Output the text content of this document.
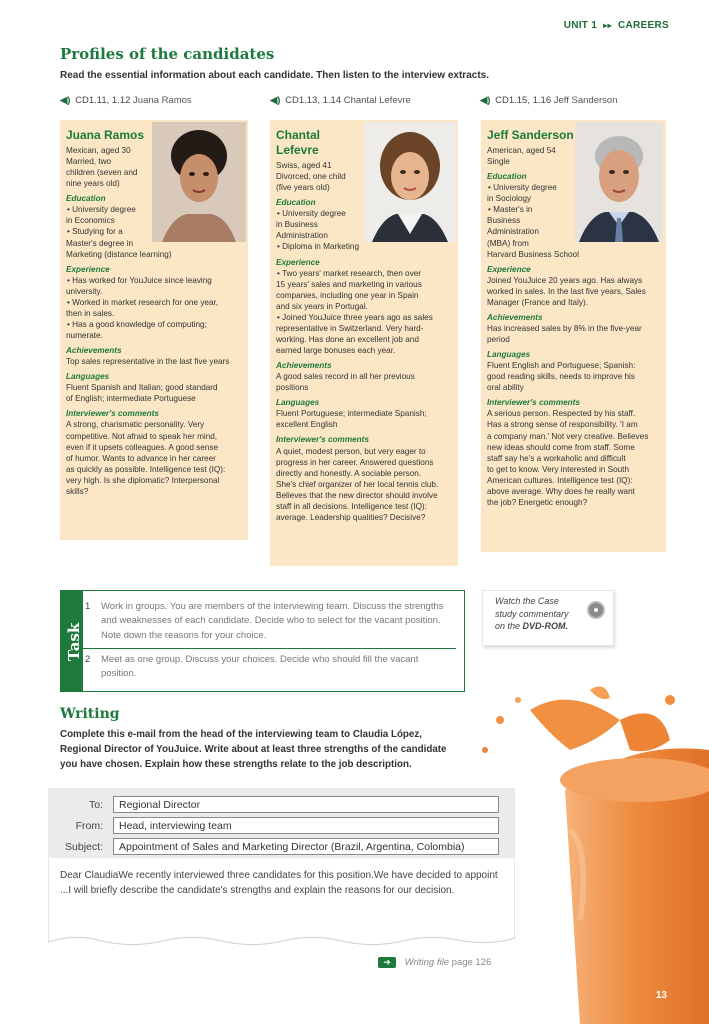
UNIT 1 ▸▸ CAREERS
Profiles of the candidates
Read the essential information about each candidate. Then listen to the interview extracts.
◀) CD1.11, 1.12 Juana Ramos	◀) CD1.13, 1.14 Chantal Lefevre	◀) CD1.15, 1.16 Jeff Sanderson
Juana Ramos
Mexican, aged 30
Married, two
children (seven and
nine years old)
Education
• University degree
in Economics
• Studying for a
Master's degree in
Marketing (distance learning)
Experience
• Has worked for YouJuice since leaving
university.
• Worked in market research for one year,
then in sales.
• Has a good knowledge of computing;
numerate.
Achievements
Top sales representative in the last five years
Languages
Fluent Spanish and Italian; good standard
of English; intermediate Portuguese
Interviewer's comments
A strong, charismatic personality. Very
competitive. Not afraid to speak her mind,
even if it upsets colleagues. A good sense
of humor. Wants to advance in her career
as quickly as possible. Intelligence test (IQ):
very high. Is she diplomatic? Interpersonal
skills?
Chantal
Lefevre
Swiss, aged 41
Divorced, one child
(five years old)
Education
• University degree
in Business
Administration
• Diploma in Marketing
Experience
• Two years' market research, then over
15 years' sales and marketing in various
companies, including one year in Spain
and six years in Portugal.
• Joined YouJuice three years ago as sales
representative in Switzerland. Very hard-
working. Has done an excellent job and
earned large bonuses each year.
Achievements
A good sales record in all her previous
positions
Languages
Fluent Portuguese; intermediate Spanish;
excellent English
Interviewer's comments
A quiet, modest person, but very eager to
progress in her career. Answered questions
directly and honestly. A sociable person.
She's chief organizer of her local tennis club.
Believes that the new director should involve
staff in all decisions. Intelligence test (IQ):
average. Leadership qualities? Decisive?
Jeff Sanderson
American, aged 54
Single
Education
• University degree
in Sociology
• Master's in
Business
Administration
(MBA) from
Harvard Business School
Experience
Joined YouJuice 20 years ago. Has always
worked in sales. In the last five years, Sales
Manager (France and Italy).
Achievements
Has increased sales by 8% in the five-year
period
Languages
Fluent English and Portuguese; Spanish:
good reading skills, needs to improve his
oral ability
Interviewer's comments
A serious person. Respected by his staff.
Has a strong sense of responsibility. 'I am
a company man.' Not very creative. Believes
new ideas should come from staff. Some
staff say he's a workaholic and difficult
to get to know. Very interested in South
American cultures. Intelligence test (IQ):
above average. Why does he really want
the job? Energetic enough?
Task
1 Work in groups. You are members of the interviewing team. Discuss the strengths and weaknesses of each candidate. Decide who to select for the vacant position. Note down the reasons for your choice.
2 Meet as one group. Discuss your choices. Decide who should fill the vacant position.
Watch the Case
study commentary
on the DVD-ROM.
Writing
Complete this e-mail from the head of the interviewing team to Claudia López, Regional Director of YouJuice. Write about at least three strengths of the candidate you have chosen. Explain how these strengths relate to the job description.
To:	Regional Director
From:	Head, interviewing team
Subject:	Appointment of Sales and Marketing Director (Brazil, Argentina, Colombia)
Dear ClaudiaWe recently interviewed three candidates for this position.We have decided to appoint ...I will briefly describe the candidate's strengths and explain the reasons for our decision.
➜ Writing file page 126
13
